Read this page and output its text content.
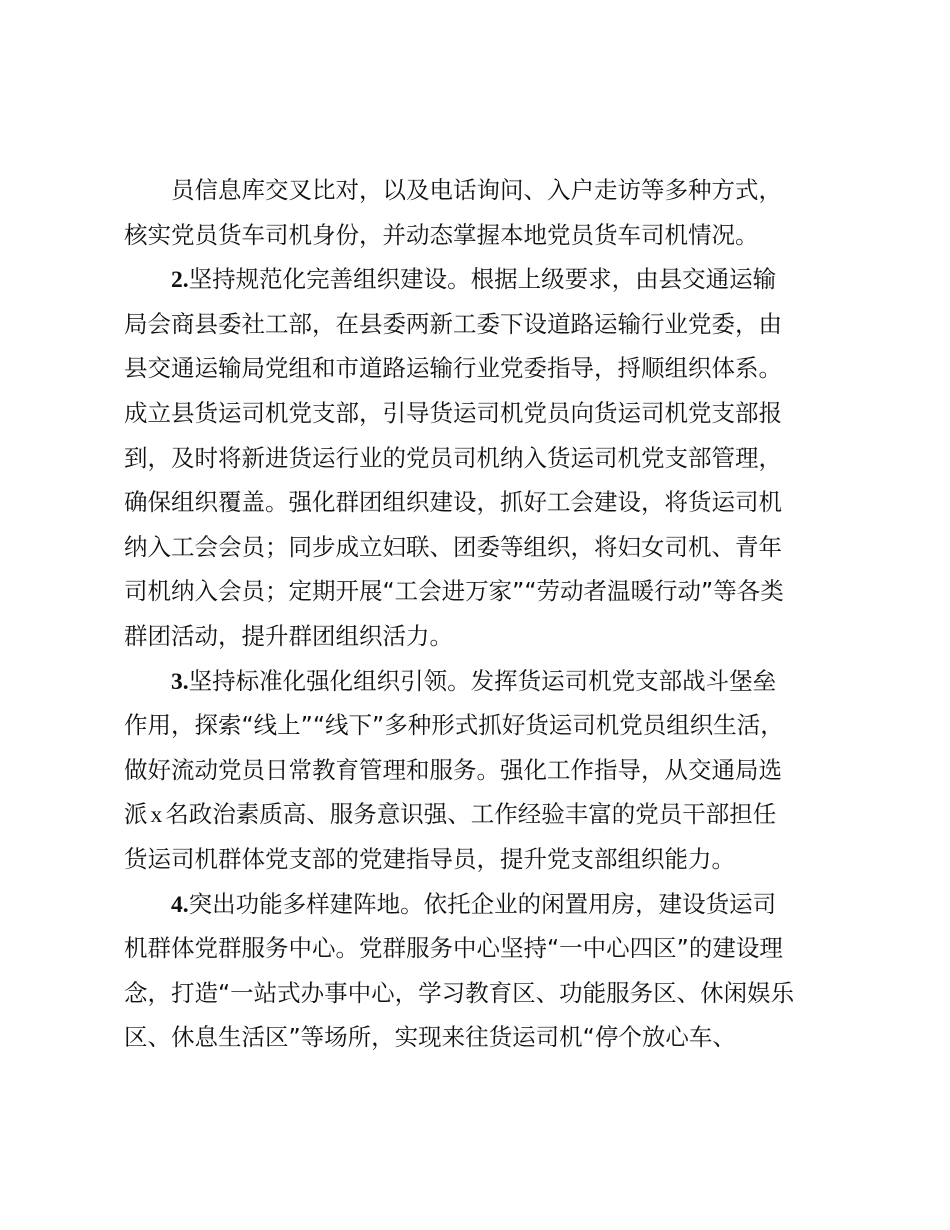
员信息库交叉比对，以及电话询问、入户走访等多种方式，
核实党员货车司机身份，并动态掌握本地党员货车司机情况。
2.坚持规范化完善组织建设。根据上级要求，由县交通运输
局会商县委社工部，在县委两新工委下设道路运输行业党委，由
县交通运输局党组和市道路运输行业党委指导，捋顺组织体系。
成立县货运司机党支部，引导货运司机党员向货运司机党支部报
到，及时将新进货运行业的党员司机纳入货运司机党支部管理，
确保组织覆盖。强化群团组织建设，抓好工会建设，将货运司机
纳入工会会员；同步成立妇联、团委等组织，将妇女司机、青年
司机纳入会员；定期开展“工会进万家”“劳动者温暖行动”等各类
群团活动，提升群团组织活力。
3.坚持标准化强化组织引领。发挥货运司机党支部战斗堡垒
作用，探索“线上”“线下”多种形式抓好货运司机党员组织生活，
做好流动党员日常教育管理和服务。强化工作指导，从交通局选
派 x 名政治素质高、服务意识强、工作经验丰富的党员干部担任
货运司机群体党支部的党建指导员，提升党支部组织能力。
4.突出功能多样建阵地。依托企业的闲置用房，建设货运司
机群体党群服务中心。党群服务中心坚持“一中心四区”的建设理
念，打造“一站式办事中心，学习教育区、功能服务区、休闲娱乐
区、休息生活区”等场所，实现来往货运司机“停个放心车、
